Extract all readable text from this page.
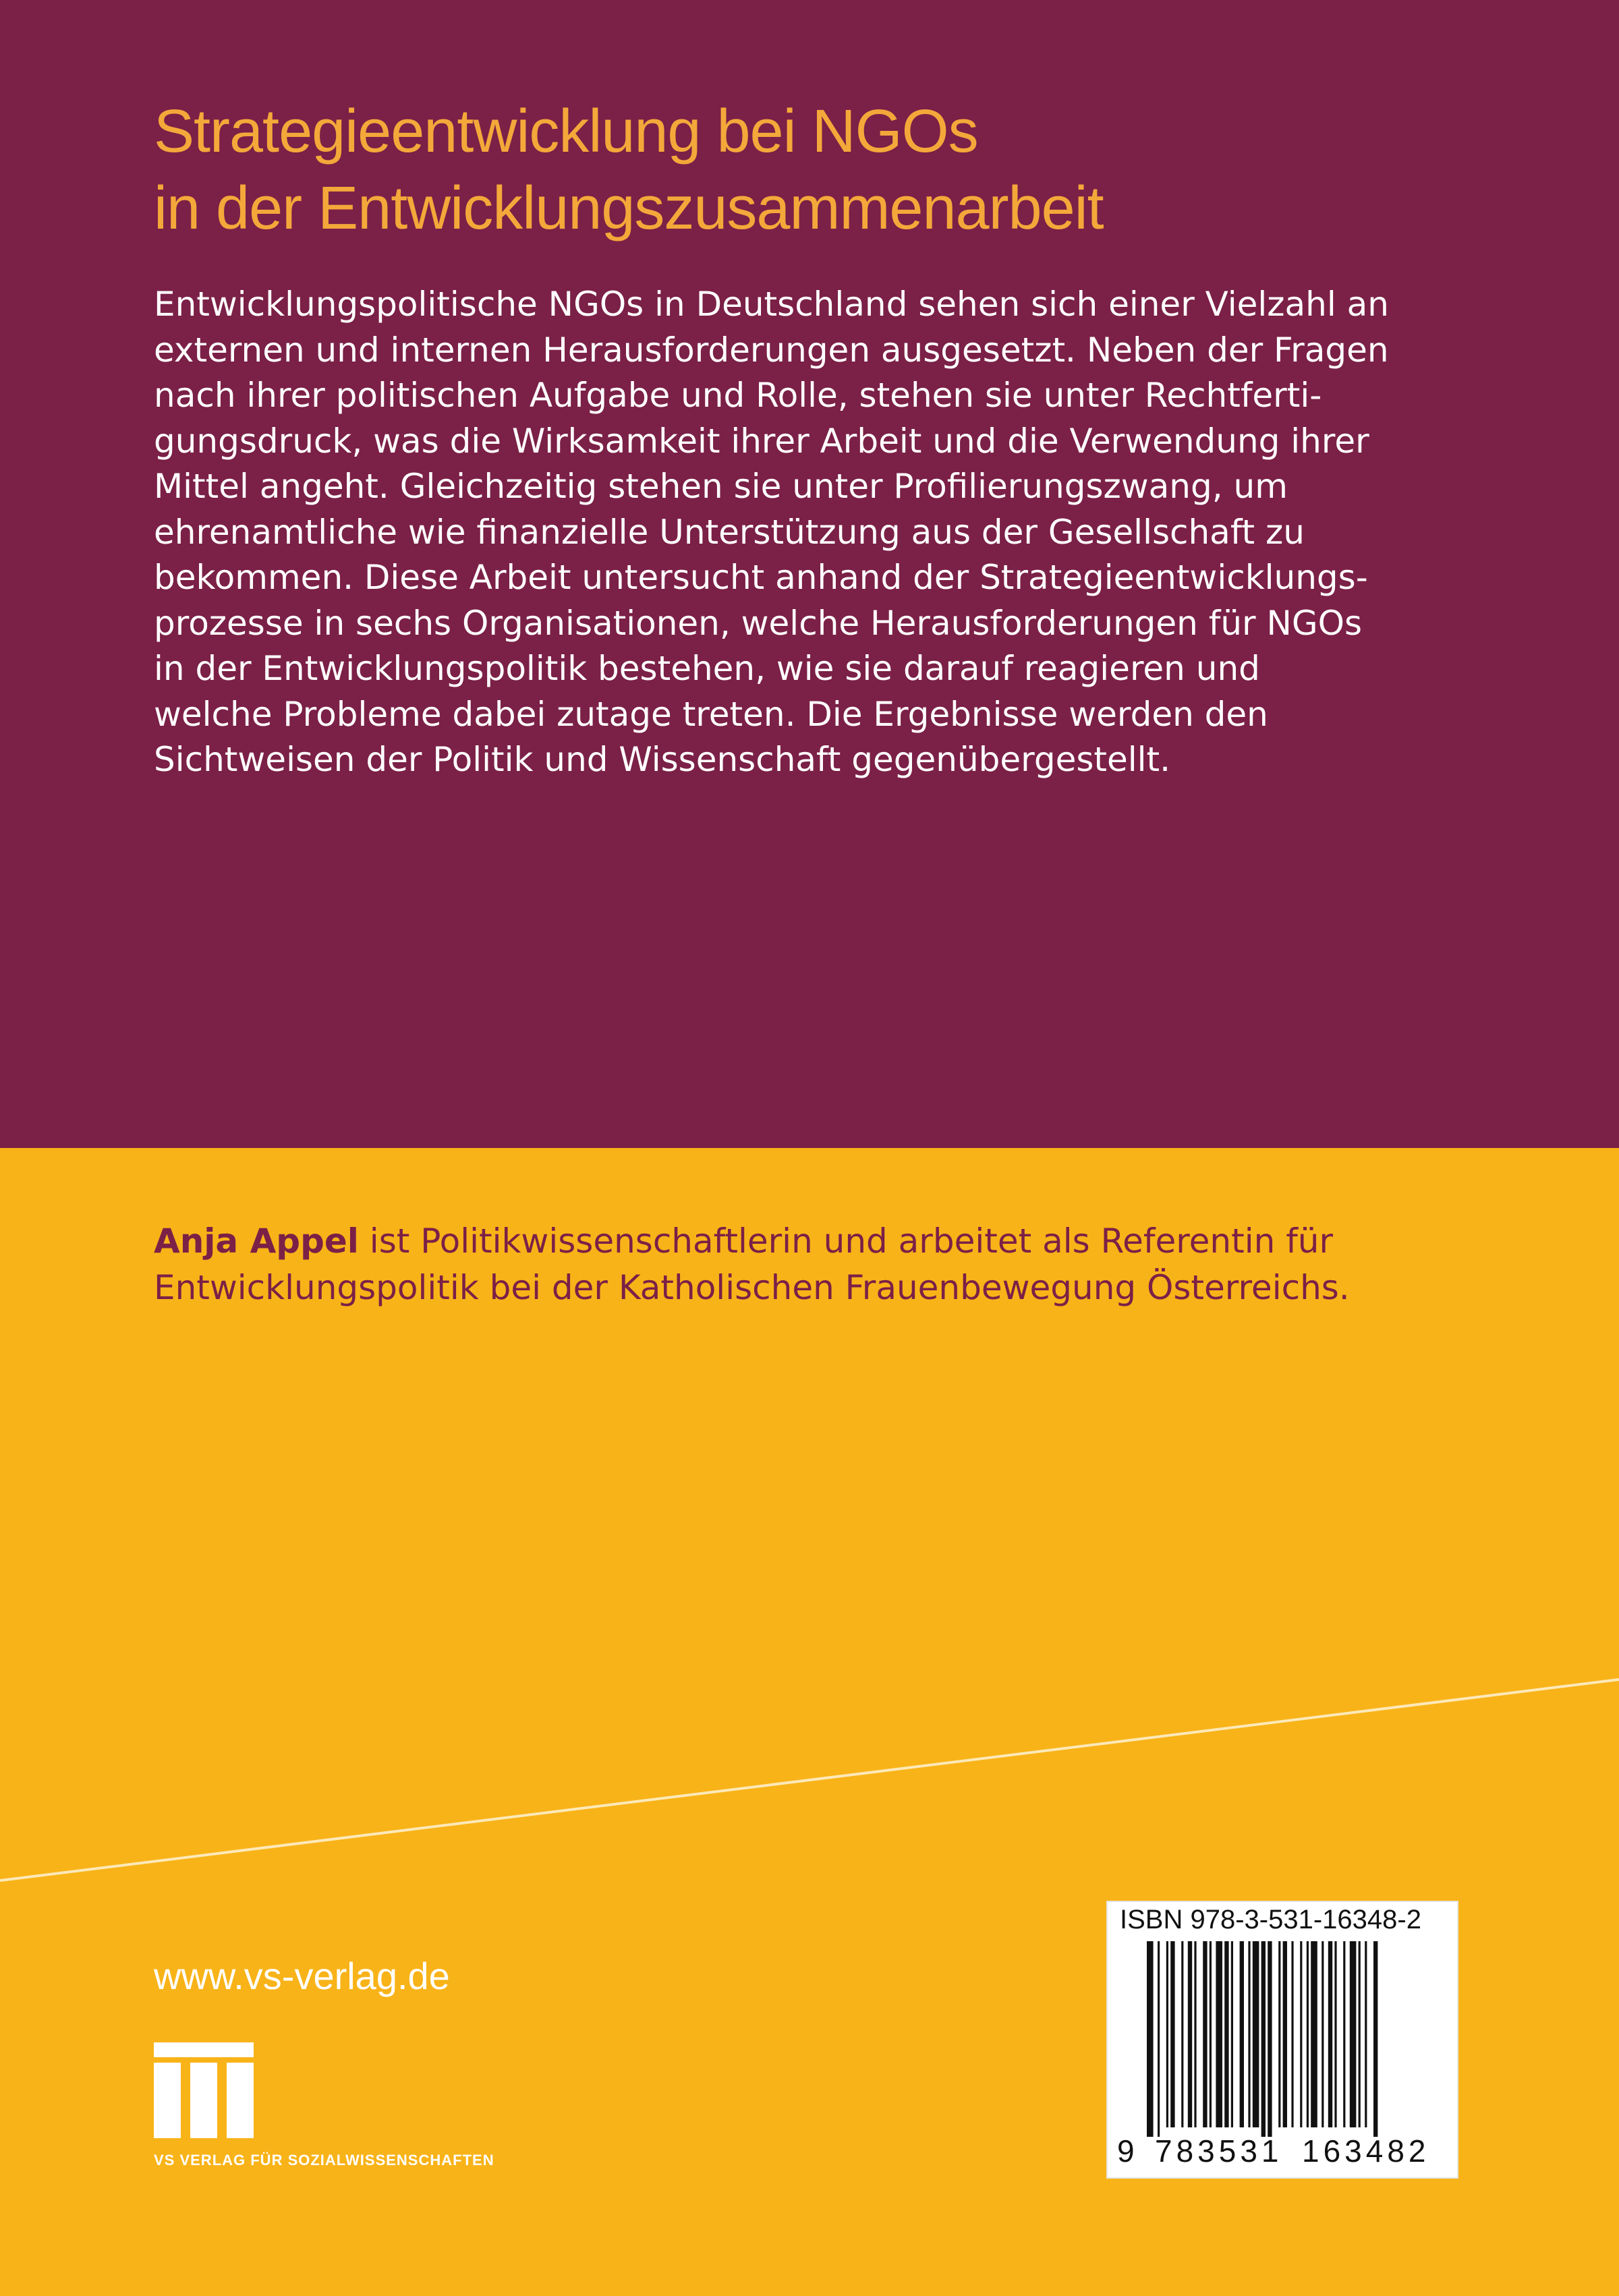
Strategieentwicklung bei NGOs
in der Entwicklungszusammenarbeit

Entwicklungspolitische NGOs in Deutschland sehen sich einer Vielzahl an
externen und internen Herausforderungen ausgesetzt. Neben der Fragen
nach ihrer politischen Aufgabe und Rolle, stehen sie unter Rechtferti-
gungsdruck, was die Wirksamkeit ihrer Arbeit und die Verwendung ihrer
Mittel angeht. Gleichzeitig stehen sie unter Profilierungszwang, um
ehrenamtliche wie finanzielle Unterstützung aus der Gesellschaft zu
bekommen. Diese Arbeit untersucht anhand der Strategieentwicklungs-
prozesse in sechs Organisationen, welche Herausforderungen für NGOs
in der Entwicklungspolitik bestehen, wie sie darauf reagieren und
welche Probleme dabei zutage treten. Die Ergebnisse werden den
Sichtweisen der Politik und Wissenschaft gegenübergestellt.

Anja Appel ist Politikwissenschaftlerin und arbeitet als Referentin für
Entwicklungspolitik bei der Katholischen Frauenbewegung Österreichs.

www.vs-verlag.de
VS VERLAG FÜR SOZIALWISSENSCHAFTEN
ISBN 978-3-531-16348-2
9 783531 163482
